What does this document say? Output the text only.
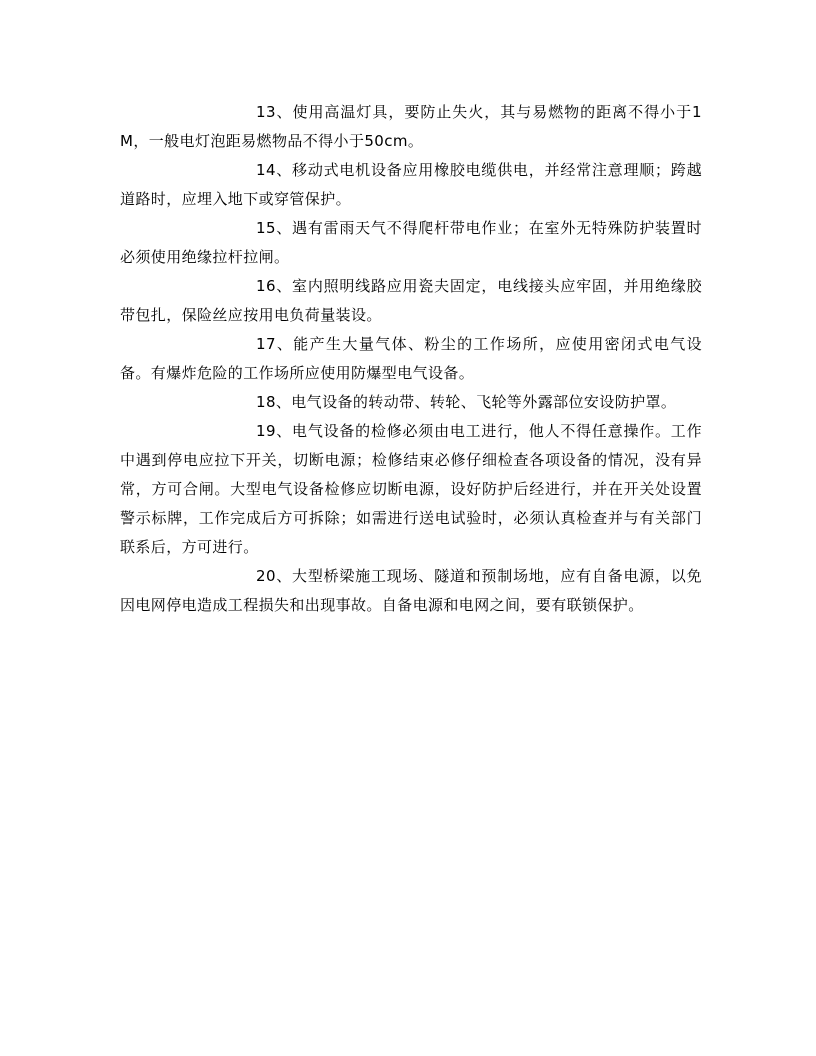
13、使用高温灯具，要防止失火，其与易燃物的距离不得小于1M，一般电灯泡距易燃物品不得小于50cm。

14、移动式电机设备应用橡胶电缆供电，并经常注意理顺；跨越道路时，应埋入地下或穿管保护。

15、遇有雷雨天气不得爬杆带电作业；在室外无特殊防护装置时必须使用绝缘拉杆拉闸。

16、室内照明线路应用瓷夫固定，电线接头应牢固，并用绝缘胶带包扎，保险丝应按用电负荷量装设。

17、能产生大量气体、粉尘的工作场所，应使用密闭式电气设备。有爆炸危险的工作场所应使用防爆型电气设备。

18、电气设备的转动带、转轮、飞轮等外露部位安设防护罩。

19、电气设备的检修必须由电工进行，他人不得任意操作。工作中遇到停电应拉下开关，切断电源；检修结束必修仔细检查各项设备的情况，没有异常，方可合闸。大型电气设备检修应切断电源，设好防护后经进行，并在开关处设置警示标牌，工作完成后方可拆除；如需进行送电试验时，必须认真检查并与有关部门联系后，方可进行。

20、大型桥梁施工现场、隧道和预制场地，应有自备电源，以免因电网停电造成工程损失和出现事故。自备电源和电网之间，要有联锁保护。
